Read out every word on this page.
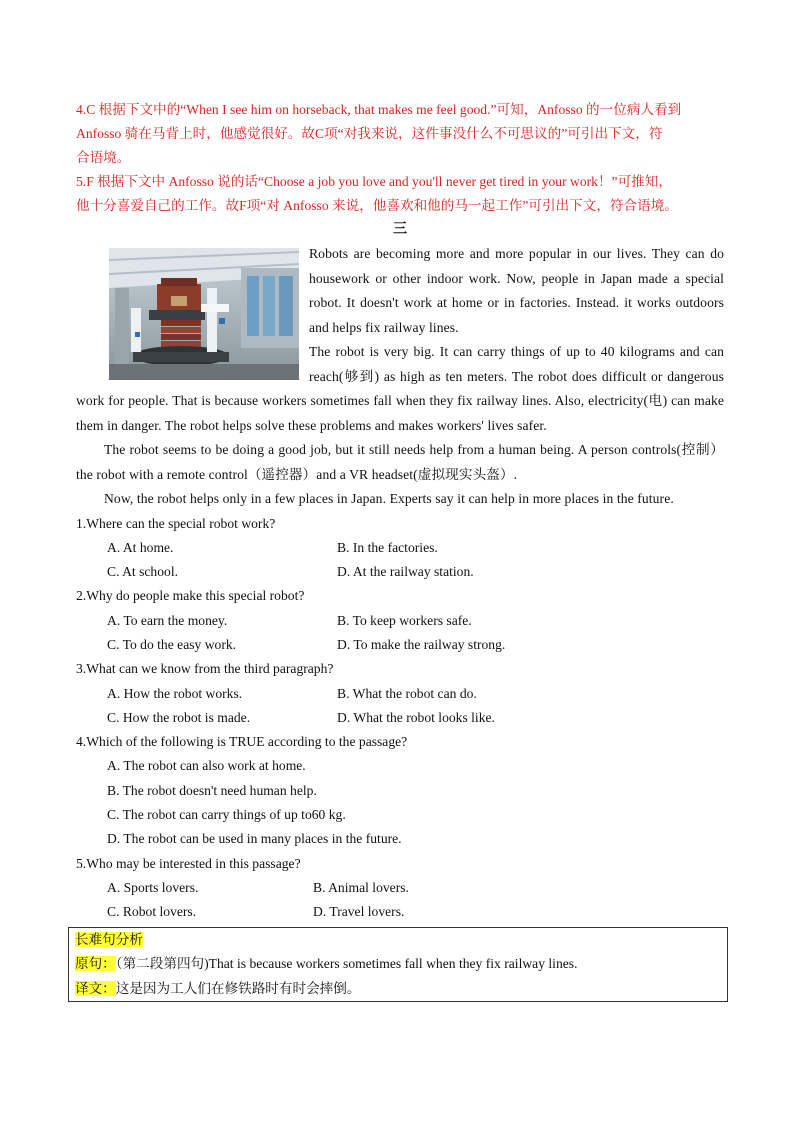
4.C 根据下文中的“When I see him on horseback, that makes me feel good.”可知，Anfosso 的一位病人看到

Anfosso 骑在马背上时，他感觉很好。故C项“对我来说，这件事没什么不可思议的”可引出下文，符

合语境。

5.F 根据下文中 Anfosso 说的话“Choose a job you love and you'll never get tired in your work！”可推知，

他十分喜爱自己的工作。故F项“对 Anfosso 来说，他喜欢和他的马一起工作”可引出下文，符合语境。

三

Robots are becoming more and more popular in our lives. They can do housework or other indoor work. Now, people in Japan made a special robot. It doesn't work at home or in factories. Instead. it works outdoors and helps fix railway lines.

The robot is very big. It can carry things of up to 40 kilograms and can reach(够到) as high as ten meters. The robot does difficult or dangerous work for people. That is because workers sometimes fall when they fix railway lines. Also, electricity(电) can make them in danger. The robot helps solve these problems and makes workers' lives safer.

The robot seems to be doing a good job, but it still needs help from a human being. A person controls(控制）the robot with a remote control（遥控器）and a VR headset(虚拟现实头盔）.

Now, the robot helps only in a few places in Japan. Experts say it can help in more places in the future.

1.Where can the special robot work?

A. At home.	B. In the factories.

C. At school.	D. At the railway station.

2.Why do people make this special robot?

A. To earn the money.	B. To keep workers safe.

C. To do the easy work.	D. To make the railway strong.

3.What can we know from the third paragraph?

A. How the robot works.	B. What the robot can do.

C. How the robot is made.	D. What the robot looks like.

4.Which of the following is TRUE according to the passage?

A. The robot can also work at home.

B. The robot doesn't need human help.

C. The robot can carry things of up to60 kg.

D. The robot can be used in many places in the future.

5.Who may be interested in this passage?

A. Sports lovers.	B. Animal lovers.

C. Robot lovers.	D. Travel lovers.

长难句分析

原句：（第二段第四句)That is because workers sometimes fall when they fix railway lines.

译文：这是因为工人们在修铁路时有时会摔倒。
